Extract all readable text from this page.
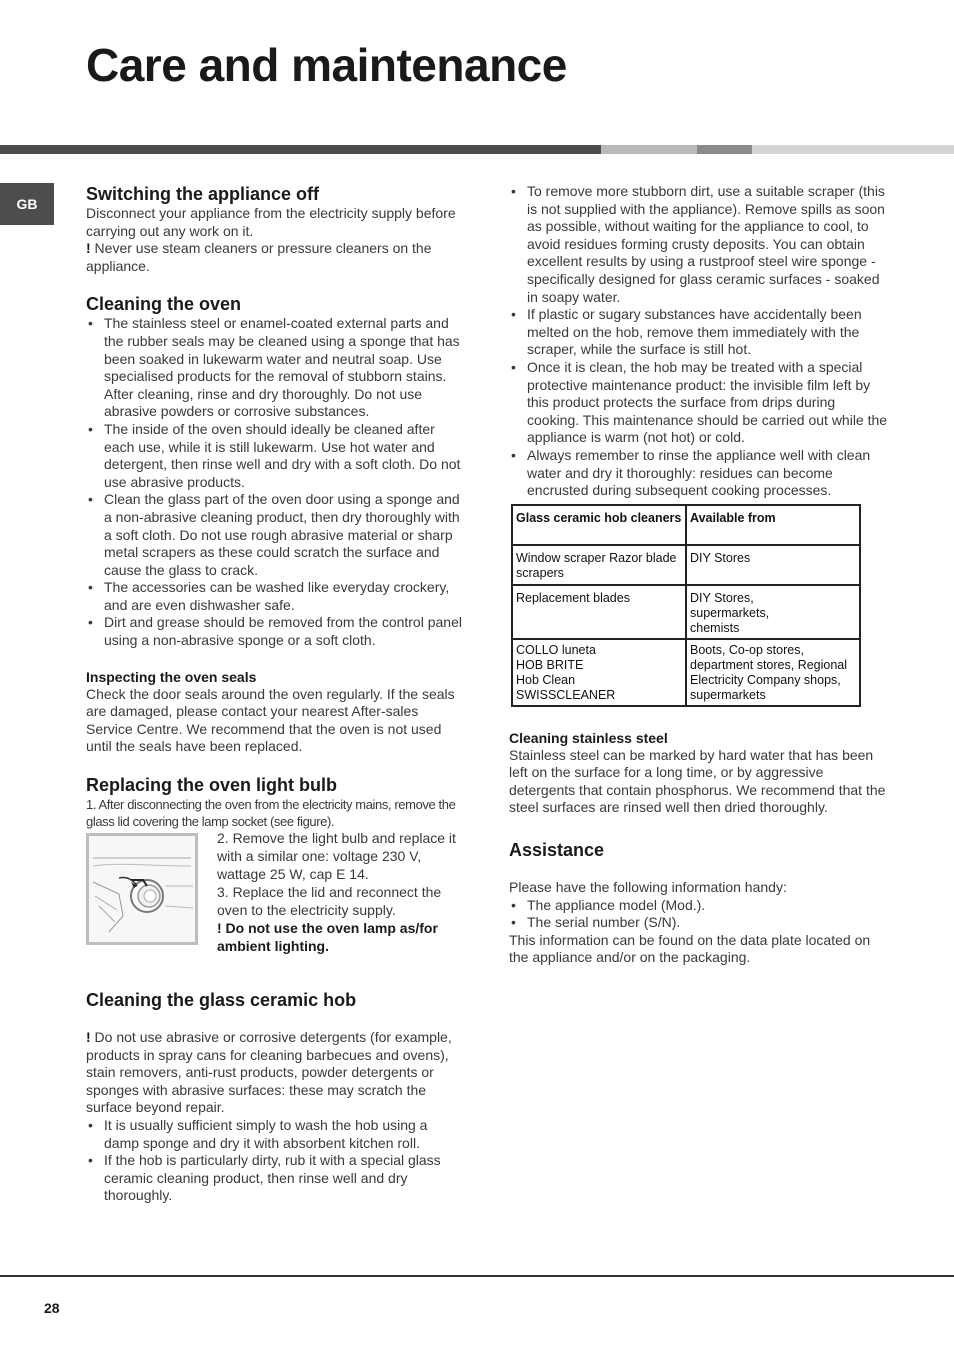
Care and maintenance
GB	Switching the appliance off

Disconnect your appliance from the electricity supply before carrying out any work on it.

! Never use steam cleaners or pressure cleaners on the appliance.

Cleaning the oven
• The stainless steel or enamel-coated external parts and the rubber seals may be cleaned using a sponge that has been soaked in lukewarm water and neutral soap. Use specialised products for the removal of stubborn stains. After cleaning, rinse and dry thoroughly. Do not use abrasive powders or corrosive substances.
• The inside of the oven should ideally be cleaned after each use, while it is still lukewarm. Use hot water and detergent, then rinse well and dry with a soft cloth. Do not use abrasive products.
• Clean the glass part of the oven door using a sponge and a non-abrasive cleaning product, then dry thoroughly with a soft cloth. Do not use rough abrasive material or sharp metal scrapers as these could scratch the surface and cause the glass to crack.
• The accessories can be washed like everyday crockery, and are even dishwasher safe.
• Dirt and grease should be removed from the control panel using a non-abrasive sponge or a soft cloth.
Inspecting the oven seals

Check the door seals around the oven regularly. If the seals are damaged, please contact your nearest After-sales Service Centre. We recommend that the oven is not used until the seals have been replaced.

Replacing the oven light bulb

1. After disconnecting the oven from the electricity mains, remove the glass lid covering the lamp socket (see figure).

2. Remove the light bulb and replace it with a similar one: voltage 230 V, wattage 25 W, cap E 14.

3. Replace the lid and reconnect the oven to the electricity supply.

! Do not use the oven lamp as/for ambient lighting.

Cleaning the glass ceramic hob

! Do not use abrasive or corrosive detergents (for example, products in spray cans for cleaning barbecues and ovens), stain removers, anti-rust products, powder detergents or sponges with abrasive surfaces: these may scratch the surface beyond repair.

• It is usually sufficient simply to wash the hob using a damp sponge and dry it with absorbent kitchen roll.
• If the hob is particularly dirty, rub it with a special glass ceramic cleaning product, then rinse well and dry thoroughly.
• To remove more stubborn dirt, use a suitable scraper (this is not supplied with the appliance). Remove spills as soon as possible, without waiting for the appliance to cool, to avoid residues forming crusty deposits. You can obtain excellent results by using a rustproof steel wire sponge - specifically designed for glass ceramic surfaces - soaked in soapy water.
• If plastic or sugary substances have accidentally been melted on the hob, remove them immediately with the scraper, while the surface is still hot.
• Once it is clean, the hob may be treated with a special protective maintenance product: the invisible film left by this product protects the surface from drips during cooking. This maintenance should be carried out while the appliance is warm (not hot) or cold.
• Always remember to rinse the appliance well with clean water and dry it thoroughly: residues can become encrusted during subsequent cooking processes.
Glass ceramic hob cleaners	Available from
Window scraper Razor blade scrapers	DIY Stores
Replacement blades	DIY Stores,
supermarkets,
chemists
COLLO luneta
HOB BRITE
Hob Clean
SWISSCLEANER	Boots, Co-op stores, department stores, Regional Electricity Company shops, supermarkets
Cleaning stainless steel

Stainless steel can be marked by hard water that has been left on the surface for a long time, or by aggressive detergents that contain phosphorus. We recommend that the steel surfaces are rinsed well then dried thoroughly.

Assistance

Please have the following information handy:

• The appliance model (Mod.).
• The serial number (S/N).

This information can be found on the data plate located on the appliance and/or on the packaging.

28
